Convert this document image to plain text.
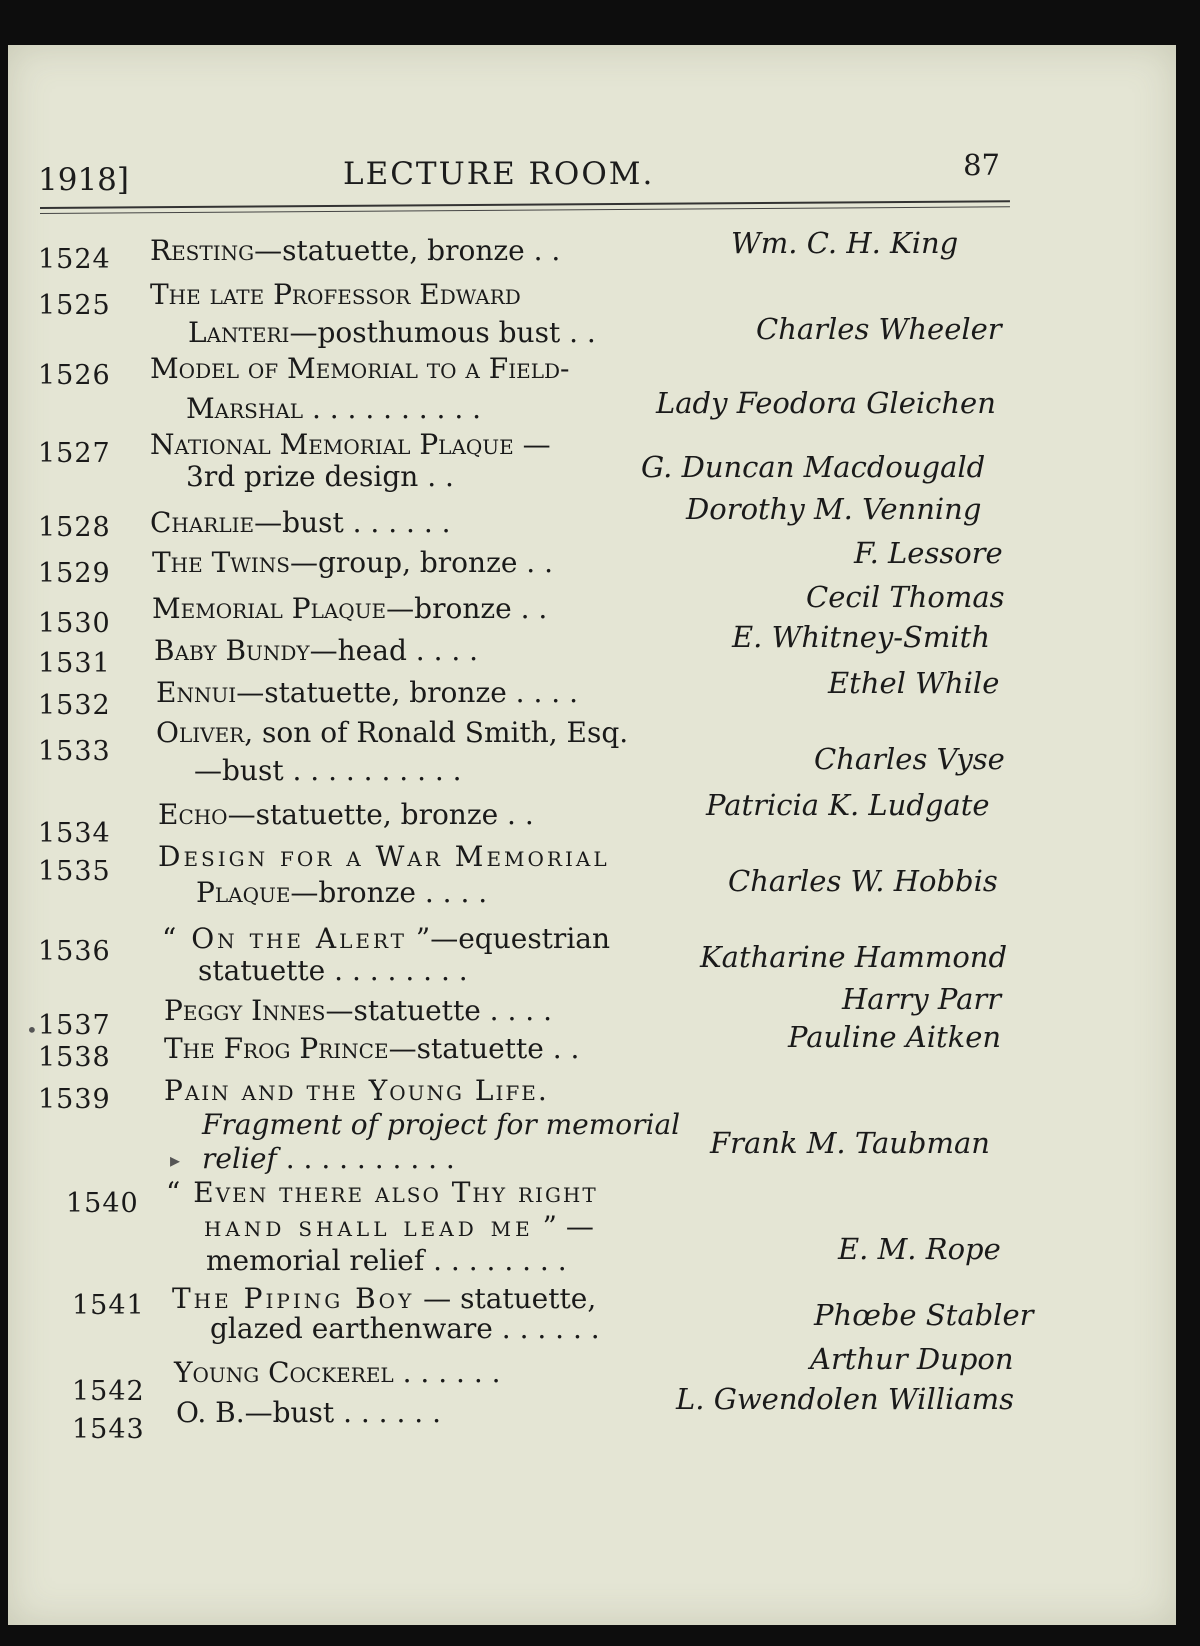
1918]	LECTURE ROOM.	87
1524 Resting—statuette, bronze . .	Wm. C. H. King
1525 The late Professor Edward
Lanteri—posthumous bust . .	Charles Wheeler
1526 Model of Memorial to a Field-
Marshal . . . . . . . . . .	Lady Feodora Gleichen
1527 National Memorial Plaque —
3rd prize design . .	G. Duncan Macdougald
1528 Charlie—bust . . . . . .	Dorothy M. Venning
1529 The Twins—group, bronze . .	F. Lessore
1530 Memorial Plaque—bronze . .	Cecil Thomas
1531 Baby Bundy—head . . . .	E. Whitney-Smith
1532 Ennui—statuette, bronze . . . .	Ethel While
1533
Oliver, son of Ronald Smith, Esq.
—bust . . . . . . . . . .	Charles Vyse
1534
Echo—statuette, bronze . .	Patricia K. Ludgate
1535 Design for a War Memorial
Plaque—bronze . . . .	Charles W. Hobbis
1536 “ On the Alert ”—equestrian
statuette . . . . . . . .	Katharine Hammond
• 1537 Peggy Innes—statuette . . . .	Harry Parr
1538 The Frog Prince—statuette . .	Pauline Aitken
1539 Pain and the Young Life.
Fragment of project for memorial
▸ relief . . . . . . . . . .	Frank M. Taubman
1540 “ Even there also Thy right
hand shall lead me ” —
memorial relief . . . . . . . .	E. M. Rope
1541 The Piping Boy — statuette,
glazed earthenware . . . . . .	Phœbe Stabler
1542
Young Cockerel . . . . . .	Arthur Dupon
1543
O. B.—bust . . . . . .	L. Gwendolen Williams
